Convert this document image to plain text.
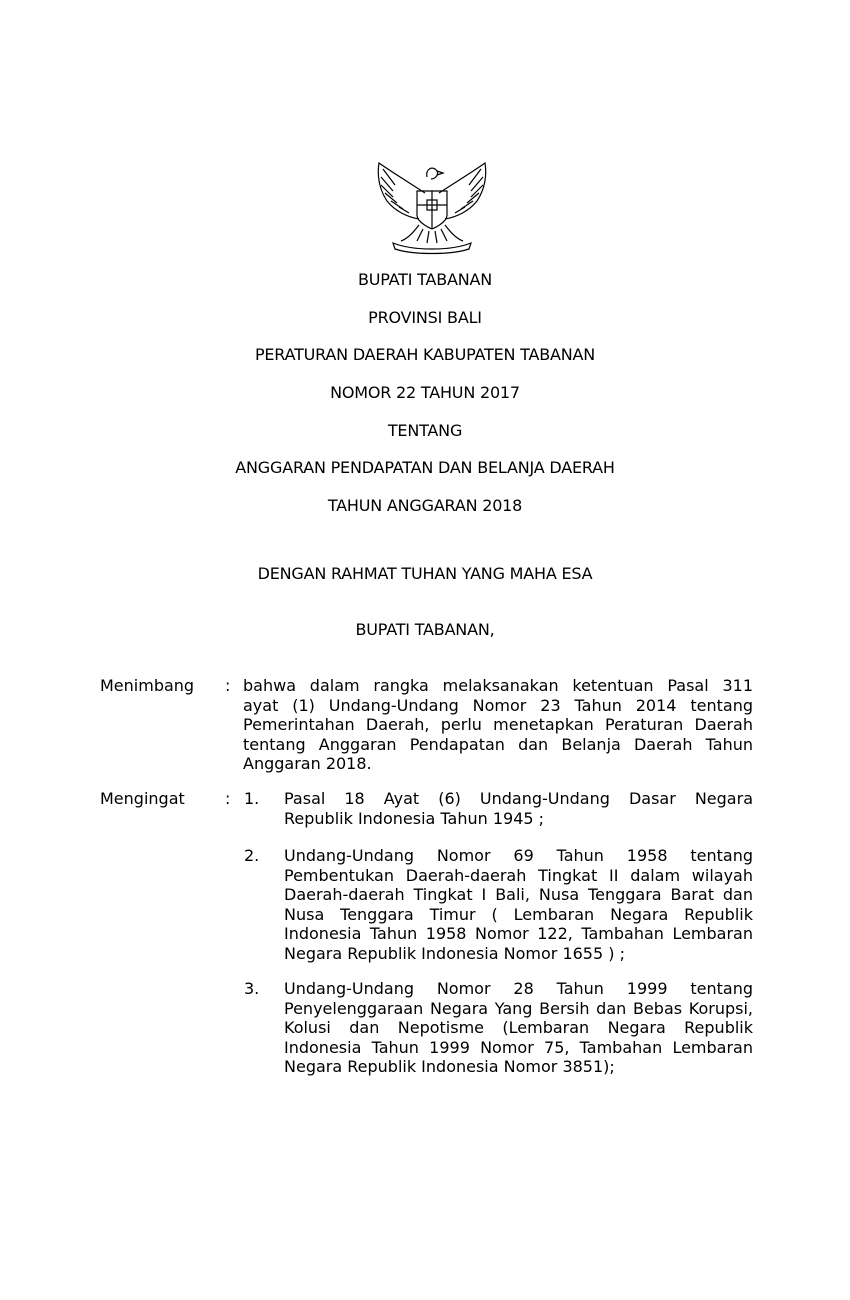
BUPATI TABANAN
PROVINSI BALI
PERATURAN DAERAH KABUPATEN TABANAN
NOMOR 22 TAHUN 2017
TENTANG
ANGGARAN PENDAPATAN DAN BELANJA DAERAH
TAHUN ANGGARAN 2018
DENGAN RAHMAT TUHAN YANG MAHA ESA
BUPATI TABANAN,
Menimbang : bahwa dalam rangka melaksanakan ketentuan Pasal 311
ayat (1) Undang-Undang Nomor 23 Tahun 2014 tentang
Pemerintahan Daerah, perlu menetapkan Peraturan Daerah
tentang Anggaran Pendapatan dan Belanja Daerah Tahun
Anggaran 2018.
Mengingat	: 1. Pasal 18 Ayat (6) Undang-Undang Dasar Negara
Republik Indonesia Tahun 1945 ;
2. Undang-Undang Nomor 69 Tahun 1958 tentang
Pembentukan Daerah-daerah Tingkat II dalam wilayah
Daerah-daerah Tingkat I Bali, Nusa Tenggara Barat dan
Nusa Tenggara Timur ( Lembaran Negara Republik
Indonesia Tahun 1958 Nomor 122, Tambahan Lembaran
Negara Republik Indonesia Nomor 1655 ) ;
3. Undang-Undang Nomor 28 Tahun 1999 tentang
Penyelenggaraan Negara Yang Bersih dan Bebas Korupsi,
Kolusi dan Nepotisme (Lembaran Negara Republik
Indonesia Tahun 1999 Nomor 75, Tambahan Lembaran
Negara Republik Indonesia Nomor 3851);
